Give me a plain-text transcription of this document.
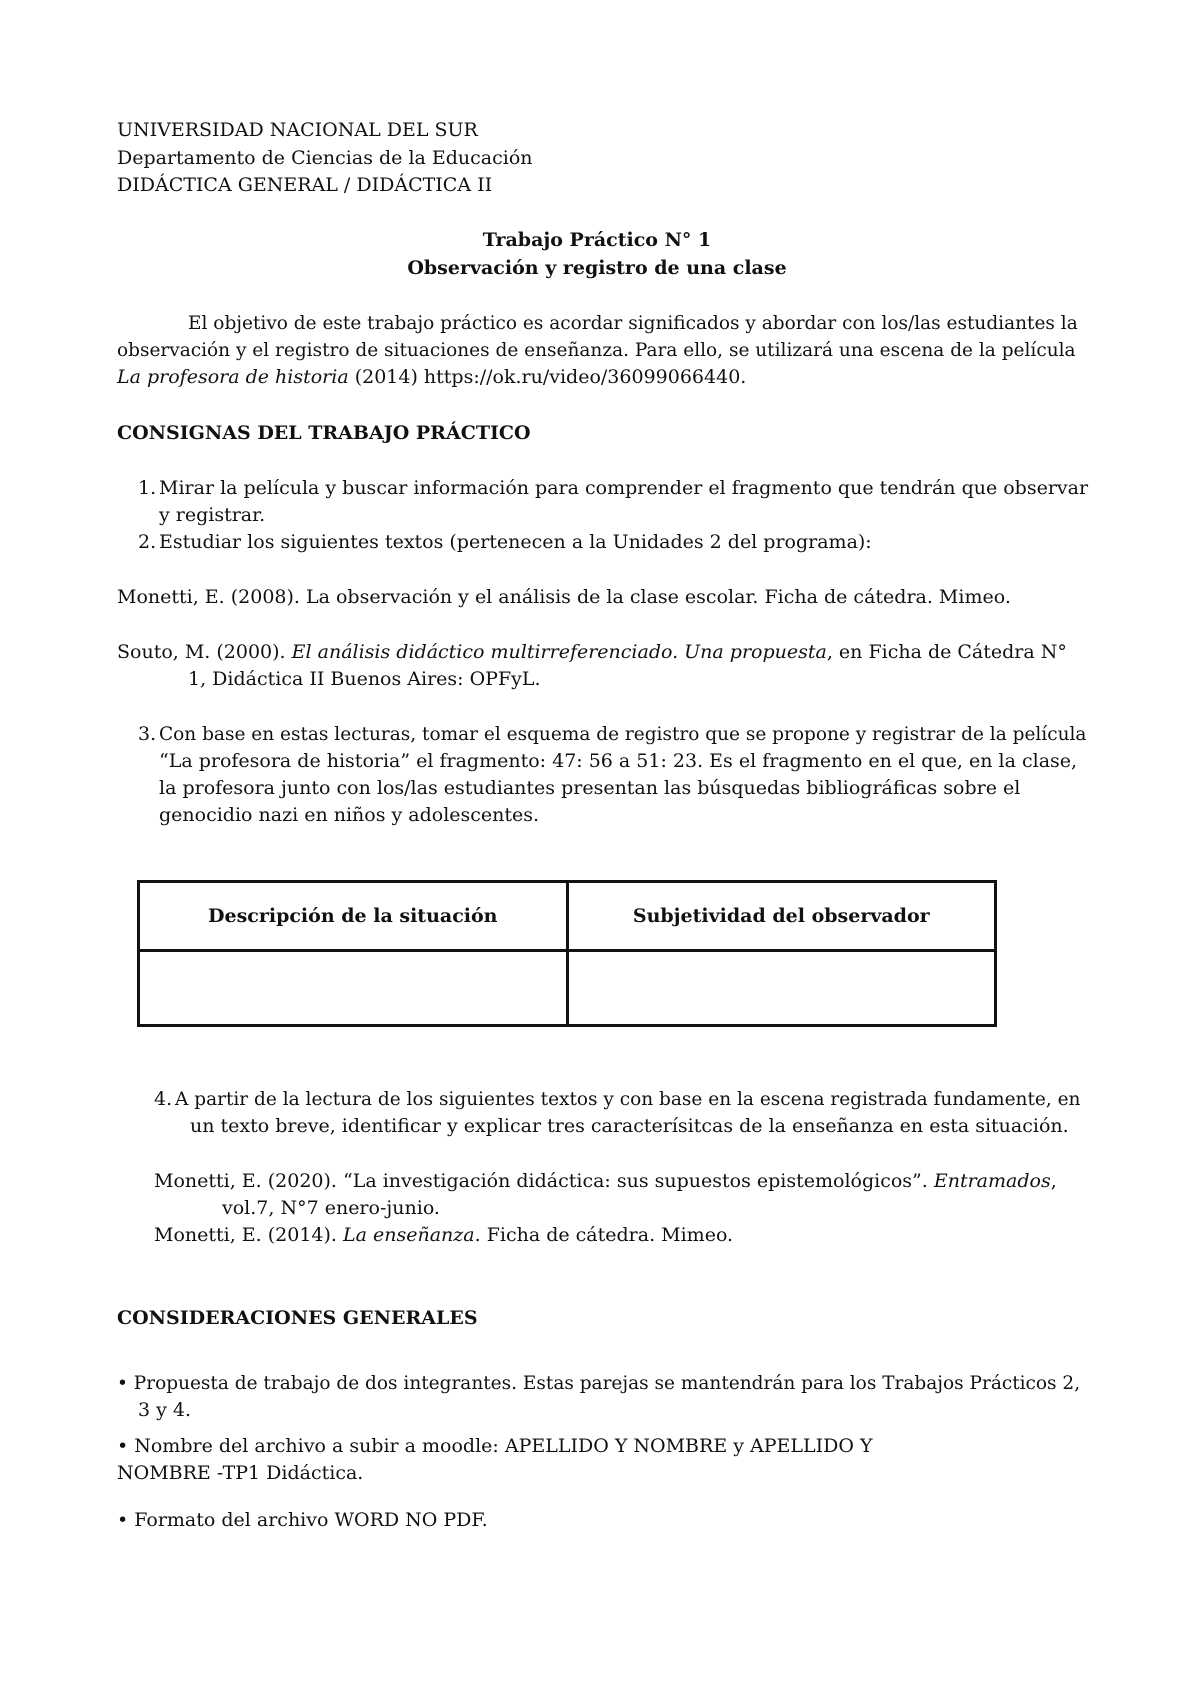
UNIVERSIDAD NACIONAL DEL SUR
Departamento de Ciencias de la Educación
DIDÁCTICA GENERAL / DIDÁCTICA II
Trabajo Práctico N° 1
Observación y registro de una clase
El objetivo de este trabajo práctico es acordar significados y abordar con los/las estudiantes la
observación y el registro de situaciones de enseñanza. Para ello, se utilizará una escena de la película
La profesora de historia (2014) https://ok.ru/video/36099066440.
CONSIGNAS DEL TRABAJO PRÁCTICO
1. Mirar la película y buscar información para comprender el fragmento que tendrán que observar
y registrar.
2. Estudiar los siguientes textos (pertenecen a la Unidades 2 del programa):
Monetti, E. (2008). La observación y el análisis de la clase escolar. Ficha de cátedra. Mimeo.
Souto, M. (2000). El análisis didáctico multirreferenciado. Una propuesta, en Ficha de Cátedra N°
1, Didáctica II Buenos Aires: OPFyL.
3. Con base en estas lecturas, tomar el esquema de registro que se propone y registrar de la película
“La profesora de historia” el fragmento: 47: 56 a 51: 23. Es el fragmento en el que, en la clase,
la profesora junto con los/las estudiantes presentan las búsquedas bibliográficas sobre el
genocidio nazi en niños y adolescentes.
Descripción de la situación	Subjetividad del observador

4. A partir de la lectura de los siguientes textos y con base en la escena registrada fundamente, en
un texto breve, identificar y explicar tres caracterísitcas de la enseñanza en esta situación.
Monetti, E. (2020). “La investigación didáctica: sus supuestos epistemológicos”. Entramados,
vol.7, N°7 enero-junio.
Monetti, E. (2014). La enseñanza. Ficha de cátedra. Mimeo.
CONSIDERACIONES GENERALES
• Propuesta de trabajo de dos integrantes. Estas parejas se mantendrán para los Trabajos Prácticos 2,
3 y 4.
• Nombre del archivo a subir a moodle: APELLIDO Y NOMBRE y APELLIDO Y
NOMBRE -TP1 Didáctica.
• Formato del archivo WORD NO PDF.
